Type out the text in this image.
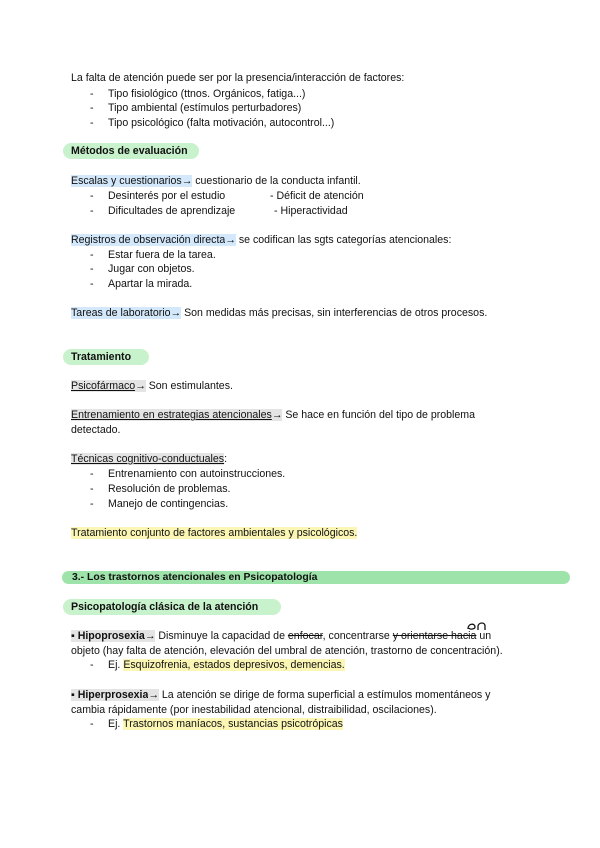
La falta de atención puede ser por la presencia/interacción de factores:
- Tipo fisiológico (ttnos. Orgánicos, fatiga...)
- Tipo ambiental (estímulos perturbadores)
- Tipo psicológico (falta motivación, autocontrol...)
Métodos de evaluación
Escalas y cuestionarios→ cuestionario de la conducta infantil.
- Desinterés por el estudio	- Déficit de atención
- Dificultades de aprendizaje	- Hiperactividad
Registros de observación directa→ se codifican las sgts categorías atencionales:
- Estar fuera de la tarea.
- Jugar con objetos.
- Apartar la mirada.
Tareas de laboratorio→ Son medidas más precisas, sin interferencias de otros procesos.
Tratamiento
Psicofármaco→ Son estimulantes.
Entrenamiento en estrategias atencionales→ Se hace en función del tipo de problema
detectado.
Técnicas cognitivo-conductuales:
- Entrenamiento con autoinstrucciones.
- Resolución de problemas.
- Manejo de contingencias.
Tratamiento conjunto de factores ambientales y psicológicos.
3.- Los trastornos atencionales en Psicopatología
Psicopatología clásica de la atención
▪ Hipoprosexia→ Disminuye la capacidad de enfocar, concentrarse y orientarse hacia un
objeto (hay falta de atención, elevación del umbral de atención, trastorno de concentración).
- Ej. Esquizofrenia, estados depresivos, demencias.
▪ Hiperprosexia→ La atención se dirige de forma superficial a estímulos momentáneos y
cambia rápidamente (por inestabilidad atencional, distraibilidad, oscilaciones).
- Ej. Trastornos maníacos, sustancias psicotrópicas
